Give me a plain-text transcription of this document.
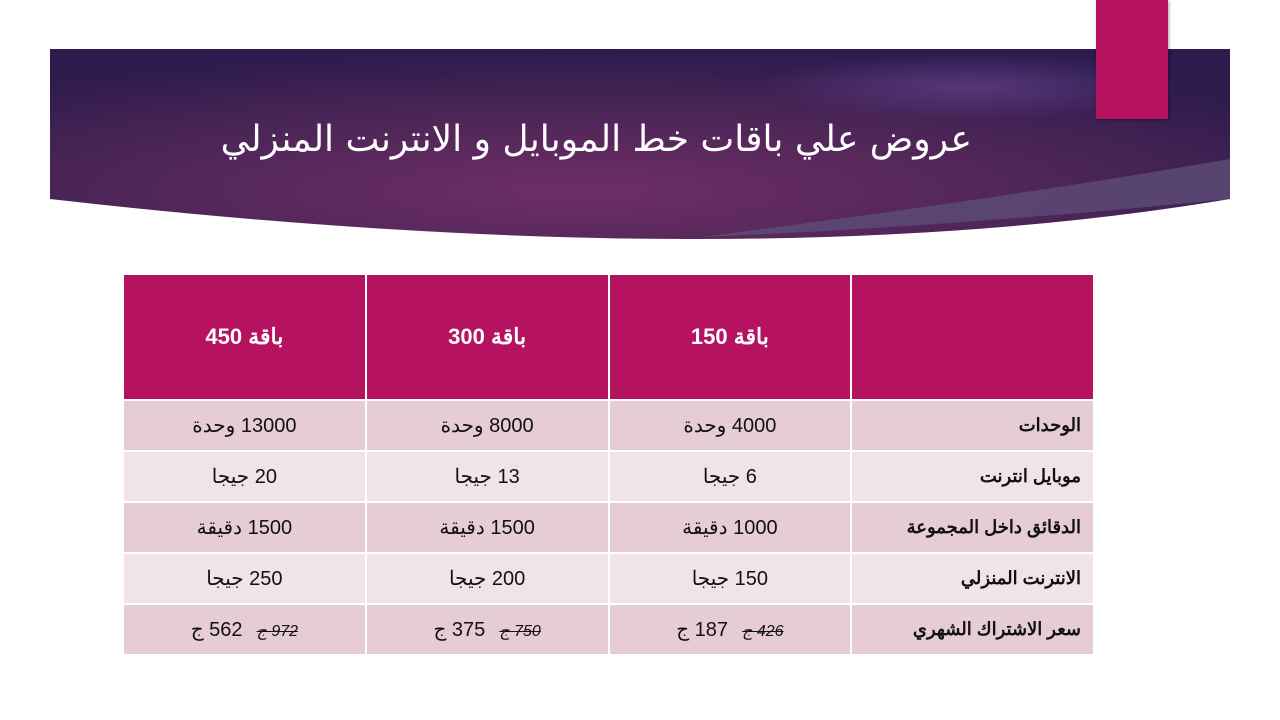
عروض علي باقات خط الموبايل و الانترنت المنزلي
	باقة 150	باقة 300	باقة 450
الوحدات	4000 وحدة	8000 وحدة	13000 وحدة
موبايل انترنت	6 جيجا	13 جيجا	20 جيجا
الدقائق داخل المجموعة	1000 دقيقة	1500 دقيقة	1500 دقيقة
الانترنت المنزلي	150 جيجا	200 جيجا	250 جيجا
سعر الاشتراك الشهري	426 ج187 ج	750 ج375 ج	972 ج562 ج
